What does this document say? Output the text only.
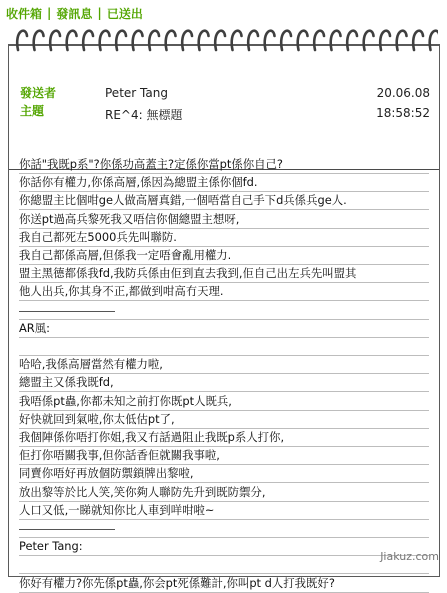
收件箱 | 發訊息 | 已送出
發送者
主題
Peter Tang
RE^4: 無標題
20.06.08
18:58:52
你話"我既p系"?你係功高蓋主?定係你當pt係你自己?
你話你有權力,你係高層,係因為總盟主係你個fd.
你總盟主比個咁ge人做高層真錯,一個唔當自己手下d兵係兵ge人.
你送pt過高兵黎死我又唔信你個總盟主想呀,
我自己都死左5000兵先叫聯防.
我自己都係高層,但係我一定唔會亂用權力.
盟主黑德都係我fd,我防兵係由佢到直去我到,佢自己出左兵先叫盟其
他人出兵,你其身不正,都做到咁高冇天理.
AR風:
哈哈,我係高層當然有權力啦,
總盟主又係我既fd,
我唔係pt蟲,你都未知之前打你既pt人既兵,
好快就回到氣啦,你太低估pt了,
我個陣係你唔打你姐,我又冇話過阻止我既p系人打你,
佢打你唔關我事,但你話香佢就關我事啦,
同賣你唔好再放個防禦鎖牌出黎啦,
放出黎等於比人笑,笑你夠人聯防先升到既防禦分,
人口又低,一睇就知你比人車到咩咁啦~
Peter Tang:
你好有權力?你先係pt蟲,你会pt死係難計,你叫pt d人打我既好?
Jiakuz.com
